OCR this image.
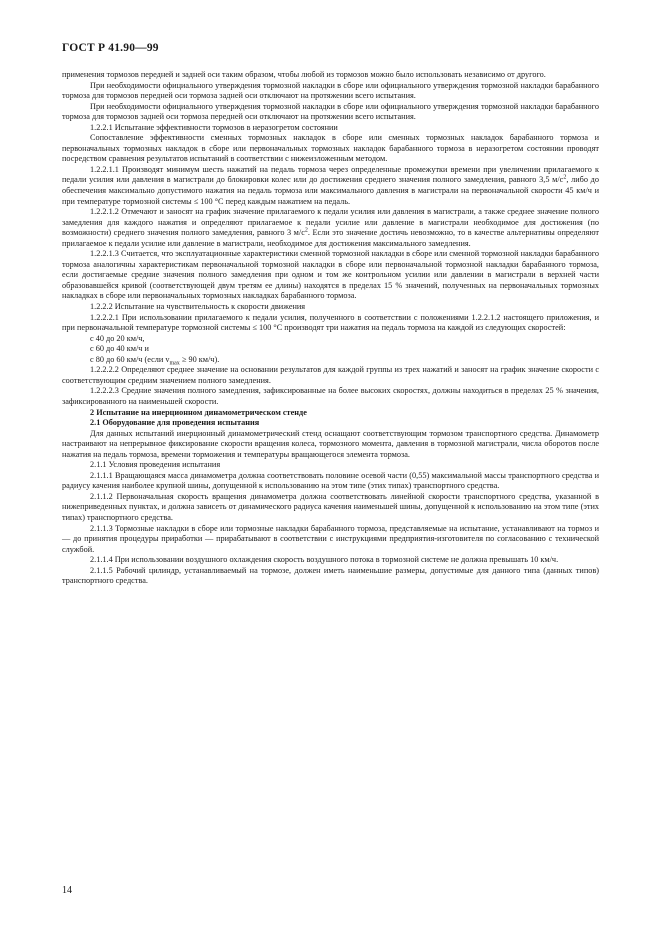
ГОСТ Р 41.90—99

применения тормозов передней и задней оси таким образом, чтобы любой из тормозов можно было использовать независимо от другого.

При необходимости официального утверждения тормозной накладки в сборе или официального утверждения тормозной накладки барабанного тормоза для тормозов передней оси тормоза задней оси отключают на протяжении всего испытания.

При необходимости официального утверждения тормозной накладки в сборе или официального утверждения тормозной накладки барабанного тормоза для тормозов задней оси тормоза передней оси отключают на протяжении всего испытания.

1.2.2.1 Испытание эффективности тормозов в неразогретом состоянии

Сопоставление эффективности сменных тормозных накладок в сборе или сменных тормозных накладок барабанного тормоза и первоначальных тормозных накладок в сборе или первоначальных тормозных накладок барабанного тормоза в неразогретом состоянии проводят посредством сравнения результатов испытаний в соответствии с нижеизложенным методом.

1.2.2.1.1 Производят минимум шесть нажатий на педаль тормоза через определенные промежутки времени при увеличении прилагаемого к педали усилия или давления в магистрали до блокировки колес или до достижения среднего значения полного замедления, равного 3,5 $м/с^2$, либо до обеспечения максимально допустимого нажатия на педаль тормоза или максимального давления в магистрали на первоначальной скорости 45 км/ч и при температуре тормозной системы ≤ 100 °С перед каждым нажатием на педаль.

1.2.2.1.2 Отмечают и заносят на график значение прилагаемого к педали усилия или давления в магистрали, а также среднее значение полного замедления для каждого нажатия и определяют прилагаемое к педали усилие или давление в магистрали необходимое для достижения (по возможности) среднего значения полного замедления, равного 3 $м/с^2$. Если это значение достичь невозможно, то в качестве альтернативы определяют прилагаемое к педали усилие или давление в магистрали, необходимое для достижения максимального замедления.

1.2.2.1.3 Считается, что эксплуатационные характеристики сменной тормозной накладки в сборе или сменной тормозной накладки барабанного тормоза аналогичны характеристикам первоначальной тормозной накладки в сборе или первоначальной тормозной накладки барабанного тормоза, если достигаемые средние значения полного замедления при одном и том же контрольном усилии или давлении в магистрали в верхней части образовавшейся кривой (соответствующей двум третям ее длины) находятся в пределах 15 % значений, полученных на первоначальных тормозных накладках в сборе или первоначальных тормозных накладках барабанного тормоза.

1.2.2.2 Испытание на чувствительность к скорости движения

1.2.2.2.1 При использовании прилагаемого к педали усилия, полученного в соответствии с положениями 1.2.2.1.2 настоящего приложения, и при первоначальной температуре тормозной системы ≤ 100 °С производят три нажатия на педаль тормоза на каждой из следующих скоростей:

с 40 до 20 км/ч,

с 60 до 40 км/ч и

с 80 до 60 км/ч (если $v_{max} \ge 90$ км/ч).

1.2.2.2.2 Определяют среднее значение на основании результатов для каждой группы из трех нажатий и заносят на график значение скорости с соответствующим средним значением полного замедления.

1.2.2.2.3 Средние значения полного замедления, зафиксированные на более высоких скоростях, должны находиться в пределах 25 % значения, зафиксированного на наименьшей скорости.

2 Испытание на инерционном динамометрическом стенде

2.1 Оборудование для проведения испытания

Для данных испытаний инерционный динамометрический стенд оснащают соответствующим тормозом транспортного средства. Динамометр настраивают на непрерывное фиксирование скорости вращения колеса, тормозного момента, давления в тормозной магистрали, числа оборотов после нажатия на педаль тормоза, времени торможения и температуры вращающегося элемента тормоза.

2.1.1 Условия проведения испытания

2.1.1.1 Вращающаяся масса динамометра должна соответствовать половине осевой части (0,55) максимальной массы транспортного средства и радиусу качения наиболее крупной шины, допущенной к использованию на этом типе (этих типах) транспортного средства.

2.1.1.2 Первоначальная скорость вращения динамометра должна соответствовать линейной скорости транспортного средства, указанной в нижеприведенных пунктах, и должна зависеть от динамического радиуса качения наименьшей шины, допущенной к использованию на этом типе (этих типах) транспортного средства.

2.1.1.3 Тормозные накладки в сборе или тормозные накладки барабанного тормоза, представляемые на испытание, устанавливают на тормоз и — до принятия процедуры приработки — прирабатывают в соответствии с инструкциями предприятия-изготовителя по согласованию с технической службой.

2.1.1.4 При использовании воздушного охлаждения скорость воздушного потока в тормозной системе не должна превышать 10 км/ч.

2.1.1.5 Рабочий цилиндр, устанавливаемый на тормозе, должен иметь наименьшие размеры, допустимые для данного типа (данных типов) транспортного средства.

14
